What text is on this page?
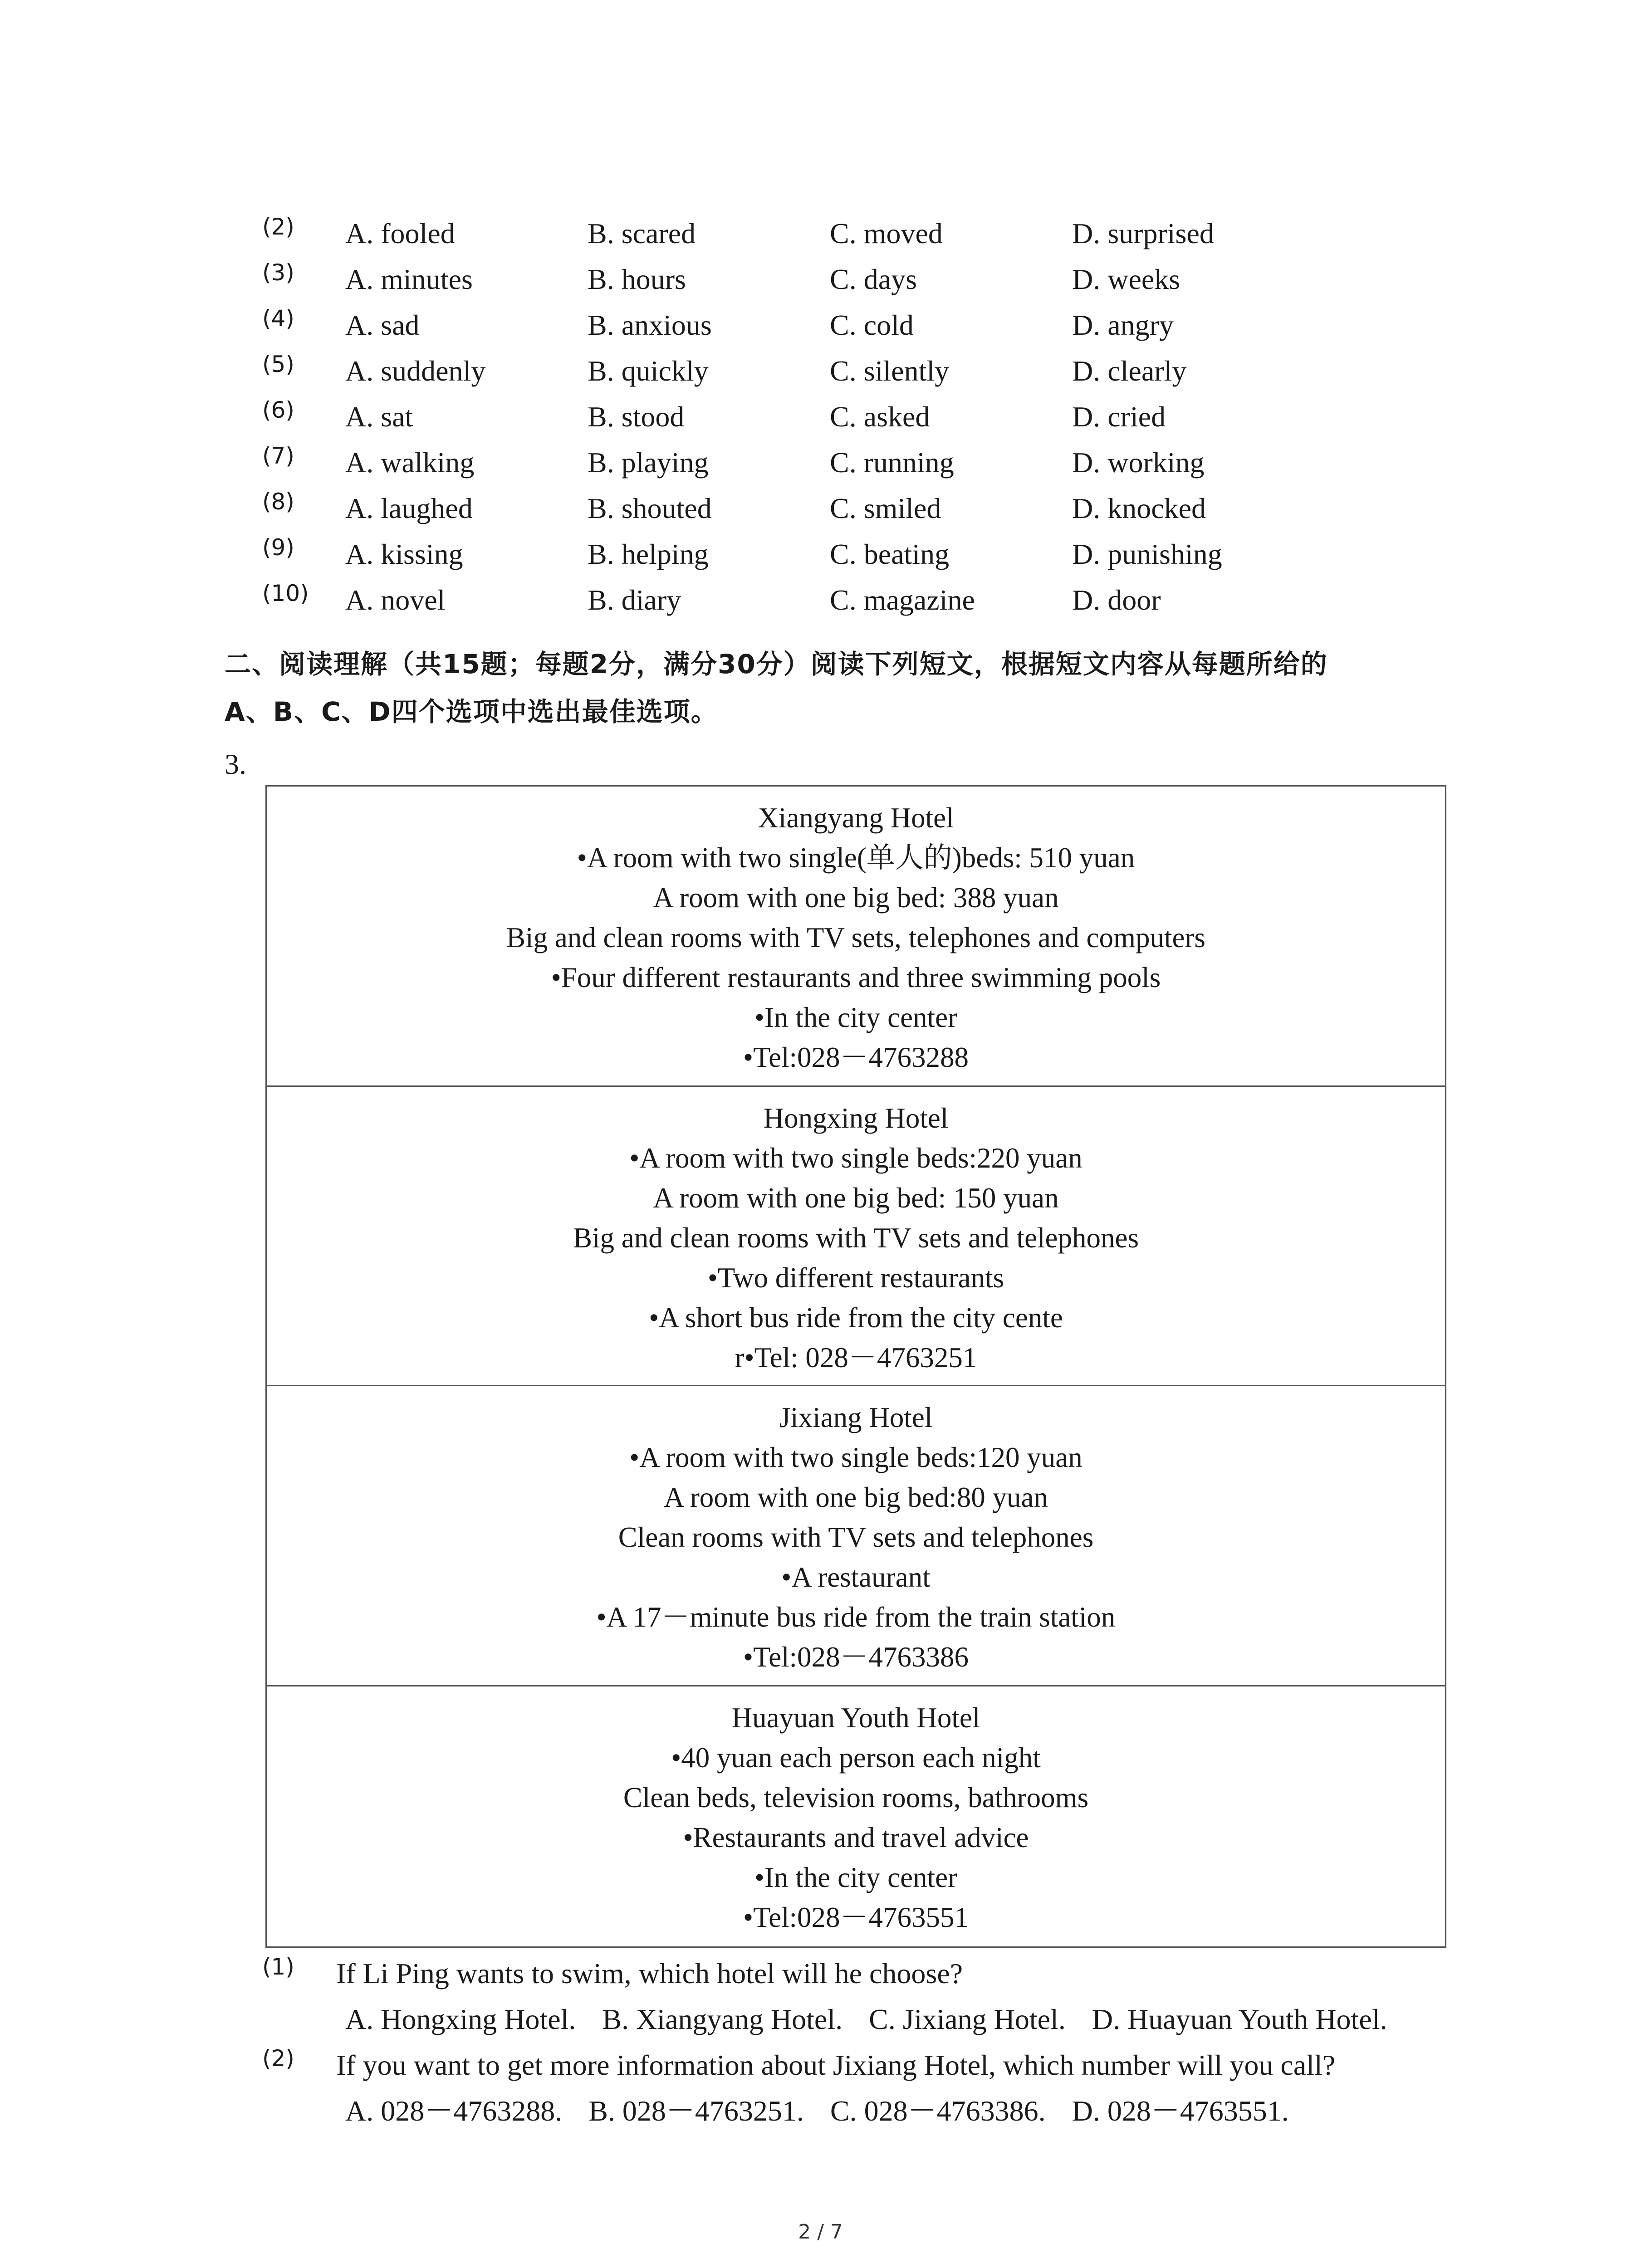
(2) A. fooled	B. scared	C. moved	D. surprised
(3) A. minutes	B. hours	C. days	D. weeks
(4) A. sad	B. anxious	C. cold	D. angry
(5) A. suddenly	B. quickly	C. silently	D. clearly
(6) A. sat	B. stood	C. asked	D. cried
(7) A. walking	B. playing	C. running	D. working
(8) A. laughed	B. shouted	C. smiled	D. knocked
(9) A. kissing	B. helping	C. beating	D. punishing
(10) A. novel	B. diary	C. magazine	D. door
二、阅读理解（共15题；每题2分，满分30分）阅读下列短文，根据短文内容从每题所给的
A、B、C、D四个选项中选出最佳选项。
3.
Xiangyang Hotel
•A room with two single(单人的)beds: 510 yuan
A room with one big bed: 388 yuan
Big and clean rooms with TV sets, telephones and computers
•Four different restaurants and three swimming pools
•In the city center
•Tel:028－4763288
Hongxing Hotel
•A room with two single beds:220 yuan
A room with one big bed: 150 yuan
Big and clean rooms with TV sets and telephones
•Two different restaurants
•A short bus ride from the city cente
r•Tel: 028－4763251
Jixiang Hotel
•A room with two single beds:120 yuan
A room with one big bed:80 yuan
Clean rooms with TV sets and telephones
•A restaurant
•A 17－minute bus ride from the train station
•Tel:028－4763386
Huayuan Youth Hotel
•40 yuan each person each night
Clean beds, television rooms, bathrooms
•Restaurants and travel advice
•In the city center
•Tel:028－4763551
(1) If Li Ping wants to swim, which hotel will he choose?
A. Hongxing Hotel. B. Xiangyang Hotel. C. Jixiang Hotel. D. Huayuan Youth Hotel.
(2) If you want to get more information about Jixiang Hotel, which number will you call?
A. 028－4763288. B. 028－4763251. C. 028－4763386. D. 028－4763551.
2 / 7
